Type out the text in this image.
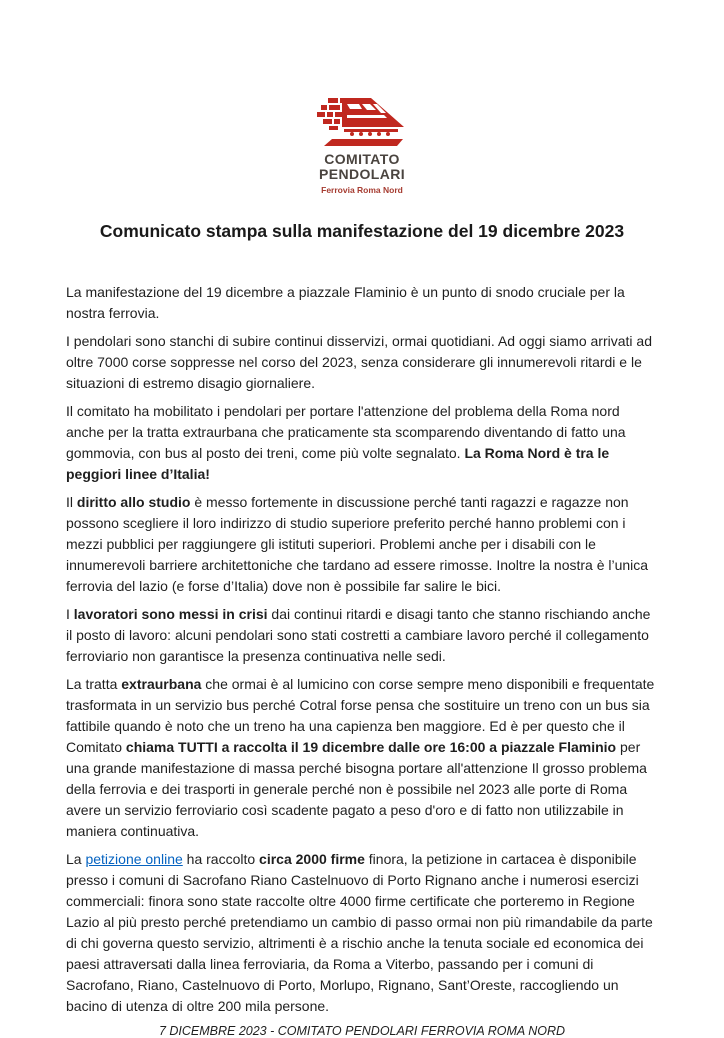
COMITATO
PENDOLARI
Ferrovia Roma Nord
Comunicato stampa sulla manifestazione del 19 dicembre 2023

La manifestazione del 19 dicembre a piazzale Flaminio è un punto di snodo cruciale per la nostra ferrovia.

I pendolari sono stanchi di subire continui disservizi, ormai quotidiani. Ad oggi siamo arrivati ad oltre 7000 corse soppresse nel corso del 2023, senza considerare gli innumerevoli ritardi e le situazioni di estremo disagio giornaliere.

Il comitato ha mobilitato i pendolari per portare l'attenzione del problema della Roma nord anche per la tratta extraurbana che praticamente sta scomparendo diventando di fatto una gommovia, con bus al posto dei treni, come più volte segnalato. La Roma Nord è tra le peggiori linee d’Italia!

Il diritto allo studio è messo fortemente in discussione perché tanti ragazzi e ragazze non possono scegliere il loro indirizzo di studio superiore preferito perché hanno problemi con i mezzi pubblici per raggiungere gli istituti superiori. Problemi anche per i disabili con le innumerevoli barriere architettoniche che tardano ad essere rimosse. Inoltre la nostra è l’unica ferrovia del lazio (e forse d’Italia) dove non è possibile far salire le bici.

I lavoratori sono messi in crisi dai continui ritardi e disagi tanto che stanno rischiando anche il posto di lavoro: alcuni pendolari sono stati costretti a cambiare lavoro perché il collegamento ferroviario non garantisce la presenza continuativa nelle sedi.

La tratta extraurbana che ormai è al lumicino con corse sempre meno disponibili e frequentate trasformata in un servizio bus perché Cotral forse pensa che sostituire un treno con un bus sia fattibile quando è noto che un treno ha una capienza ben maggiore. Ed è per questo che il Comitato chiama TUTTI a raccolta il 19 dicembre dalle ore 16:00 a piazzale Flaminio per una grande manifestazione di massa perché bisogna portare all'attenzione Il grosso problema della ferrovia e dei trasporti in generale perché non è possibile nel 2023 alle porte di Roma avere un servizio ferroviario così scadente pagato a peso d'oro e di fatto non utilizzabile in maniera continuativa.

La petizione online ha raccolto circa 2000 firme finora, la petizione in cartacea è disponibile presso i comuni di Sacrofano Riano Castelnuovo di Porto Rignano anche i numerosi esercizi commerciali: finora sono state raccolte oltre 4000 firme certificate che porteremo in Regione Lazio al più presto perché pretendiamo un cambio di passo ormai non più rimandabile da parte di chi governa questo servizio, altrimenti è a rischio anche la tenuta sociale ed economica dei paesi attraversati dalla linea ferroviaria, da Roma a Viterbo, passando per i comuni di Sacrofano, Riano, Castelnuovo di Porto, Morlupo, Rignano, Sant’Oreste, raccogliendo un bacino di utenza di oltre 200 mila persone.

7 DICEMBRE 2023 - COMITATO PENDOLARI FERROVIA ROMA NORD
